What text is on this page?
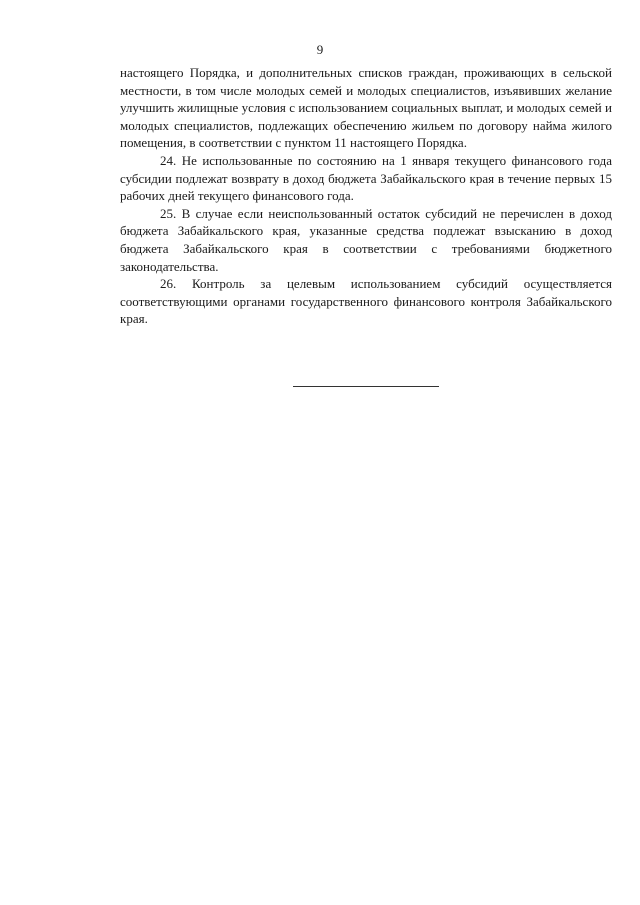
9

настоящего Порядка, и дополнительных списков граждан, проживающих в сельской местности, в том числе молодых семей и молодых специалистов, изъявивших желание улучшить жилищные условия с использованием социальных выплат, и молодых семей и молодых специалистов, подлежащих обеспечению жильем по договору найма жилого помещения, в соответствии с пунктом 11 настоящего Порядка.

24. Не использованные по состоянию на 1 января текущего финансового года субсидии подлежат возврату в доход бюджета Забайкальского края в течение первых 15 рабочих дней текущего финансового года.

25. В случае если неиспользованный остаток субсидий не перечислен в доход бюджета Забайкальского края, указанные средства подлежат взысканию в доход бюджета Забайкальского края в соответствии с требованиями бюджетного законодательства.

26. Контроль за целевым использованием субсидий осуществляется соответствующими органами государственного финансового контроля Забайкальского края.
